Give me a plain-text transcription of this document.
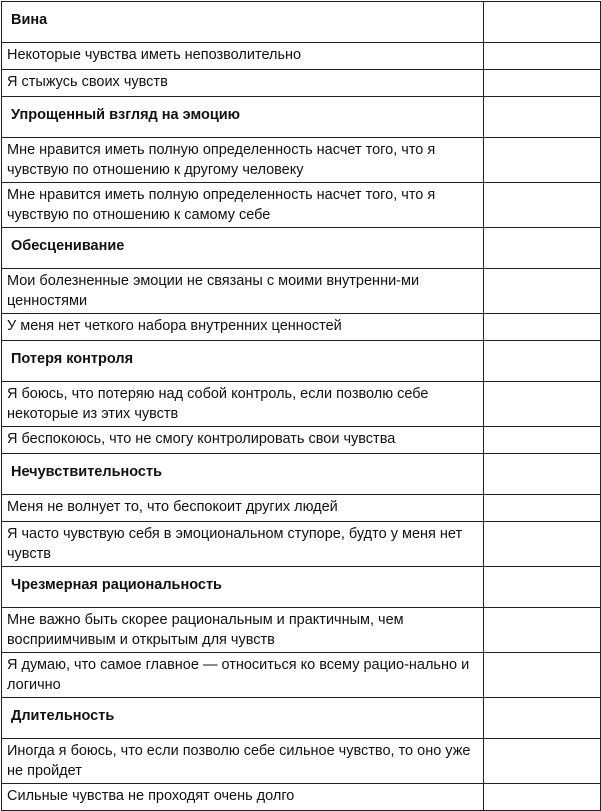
Вина	
Некоторые чувства иметь непозволительно	
Я стыжусь своих чувств	
Упрощенный взгляд на эмоцию	
Мне нравится иметь полную определенность насчет того, что я чувствую по отношению к другому человеку	
Мне нравится иметь полную определенность насчет того, что я чувствую по отношению к самому себе	
Обесценивание	
Мои болезненные эмоции не связаны с моими внутренни-ми ценностями	
У меня нет четкого набора внутренних ценностей	
Потеря контроля	
Я боюсь, что потеряю над собой контроль, если позволю себе некоторые из этих чувств	
Я беспокоюсь, что не смогу контролировать свои чувства	
Нечувствительность	
Меня не волнует то, что беспокоит других людей	
Я часто чувствую себя в эмоциональном ступоре, будто у меня нет чувств	
Чрезмерная рациональность	
Мне важно быть скорее рациональным и практичным, чем восприимчивым и открытым для чувств	
Я думаю, что самое главное — относиться ко всему рацио-нально и логично	
Длительность	
Иногда я боюсь, что если позволю себе сильное чувство, то оно уже не пройдет	
Сильные чувства не проходят очень долго	
